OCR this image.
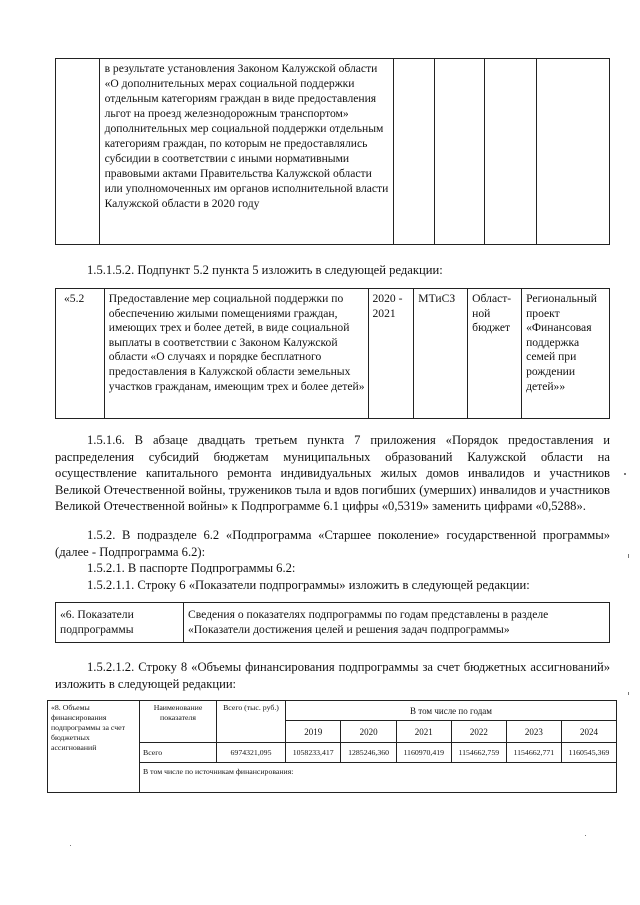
	в результате установления Законом Калужской области «О дополнительных мерах социальной поддержки отдельным категориям граждан в виде предоставления льгот на проезд железнодорожным транспортом» дополнительных мер социальной поддержки отдельным категориям граждан, по которым не предоставлялись субсидии в соответствии с иными нормативными правовыми актами Правительства Калужской области или уполномоченных им органов исполнительной власти Калужской области в 2020 году				
1.5.1.5.2. Подпункт 5.2 пункта 5 изложить в следующей редакции:
«5.2	Предоставление мер социальной поддержки по обеспечению жилыми помещениями граждан, имеющих трех и более детей, в виде социальной выплаты в соответствии с Законом Калужской области «О случаях и порядке бесплатного предоставления в Калужской области земельных участков гражданам, имеющим трех и более детей»	2020 - 2021	МТиСЗ	Област-ной бюджет	Региональный проект «Финансовая поддержка семей при рождении детей»»
1.5.1.6. В абзаце двадцать третьем пункта 7 приложения «Порядок предоставления и распределения субсидий бюджетам муниципальных образований Калужской области на осуществление капитального ремонта индивидуальных жилых домов инвалидов и участников Великой Отечественной войны, тружеников тыла и вдов погибших (умерших) инвалидов и участников Великой Отечественной войны» к Подпрограмме 6.1 цифры «0,5319» заменить цифрами «0,5288».
1.5.2. В подразделе 6.2 «Подпрограмма «Старшее поколение» государственной программы» (далее - Подпрограмма 6.2):
1.5.2.1. В паспорте Подпрограммы 6.2:
1.5.2.1.1. Строку 6 «Показатели подпрограммы» изложить в следующей редакции:
«6. Показатели подпрограммы	Сведения о показателях подпрограммы по годам представлены в разделе «Показатели достижения целей и решения задач подпрограммы»
1.5.2.1.2. Строку 8 «Объемы финансирования подпрограммы за счет бюджетных ассигнований» изложить в следующей редакции:
«8. Объемы финансирования подпрограммы за счет бюджетных ассигнований	Наименование показателя	Всего (тыс. руб.)	В том числе по годам					
			2019	2020	2021	2022	2023	2024
	Всего	6974321,095	1058233,417	1285246,360	1160970,419	1154662,759	1154662,771	1160545,369
	В том числе по источникам финансирования:							
